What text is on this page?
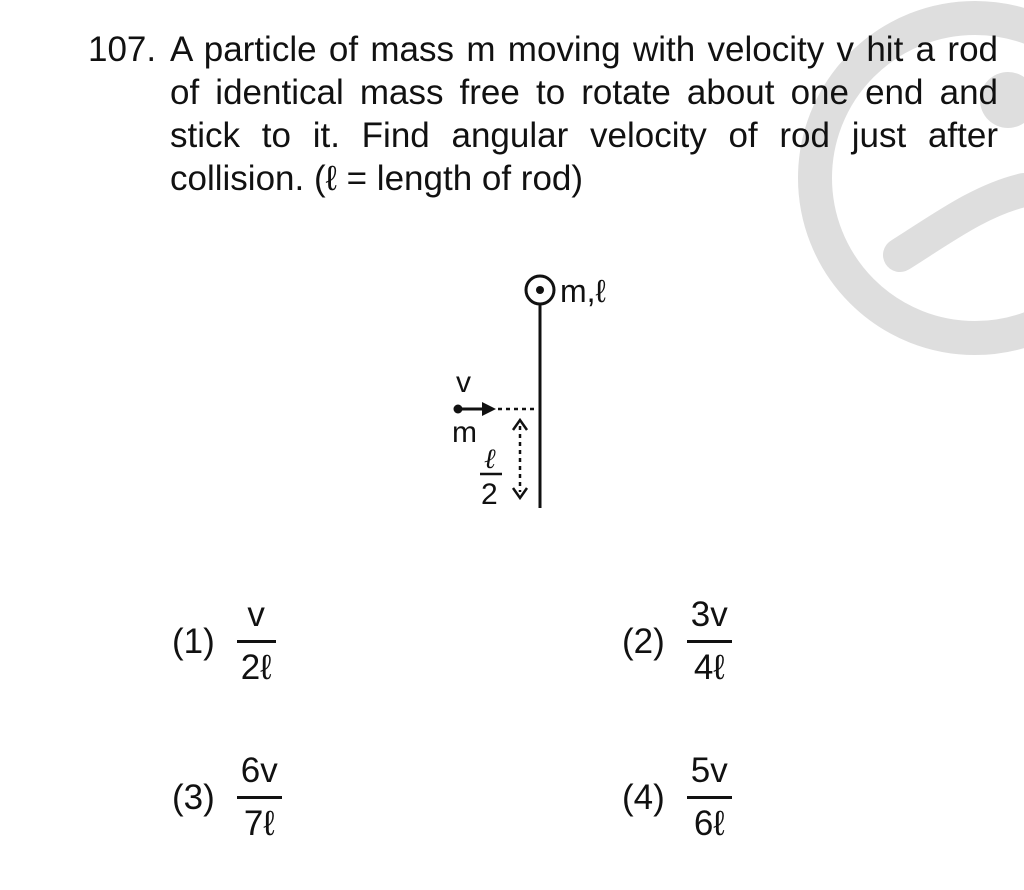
107. A particle of mass m moving with velocity v hit a rod of identical mass free to rotate about one end and stick to it. Find angular velocity of rod just after collision. (ℓ = length of rod)
m,ℓ
v
m
ℓ
2
$(1) \frac{v}{\text{2ℓ}}$	$(2) \frac{3v}{\text{4ℓ}}$
$(3) \frac{6v}{\text{7ℓ}}$	$(4) \frac{5v}{\text{6ℓ}}$
